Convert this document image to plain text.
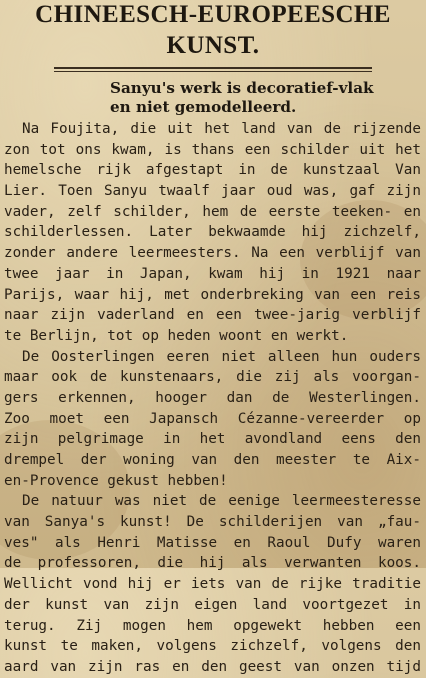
CHINEESCH-EUROPEESCHE
KUNST.
Sanyu's werk is decoratief-vlak
en niet gemodelleerd.
Na Foujita, die uit het land van de rijzende
zon tot ons kwam, is thans een schilder uit het
hemelsche rijk afgestapt in de kunstzaal Van
Lier. Toen Sanyu twaalf jaar oud was, gaf zijn
vader, zelf schilder, hem de eerste teeken- en
schilderlessen. Later bekwaamde hij zichzelf,
zonder andere leermeesters. Na een verblijf van
twee jaar in Japan, kwam hij in 1921 naar
Parijs, waar hij, met onderbreking van een reis
naar zijn vaderland en een twee-jarig verblijf
te Berlijn, tot op heden woont en werkt.
De Oosterlingen eeren niet alleen hun ouders
maar ook de kunstenaars, die zij als voorgan-
gers erkennen, hooger dan de Westerlingen.
Zoo moet een Japansch Cézanne-vereerder op
zijn pelgrimage in het avondland eens den
drempel der woning van den meester te Aix-
en-Provence gekust hebben!
De natuur was niet de eenige leermeesteresse
van Sanya's kunst! De schilderijen van „fau-
ves" als Henri Matisse en Raoul Dufy waren
de professoren, die hij als verwanten koos.
Wellicht vond hij er iets van de rijke traditie
der kunst van zijn eigen land voortgezet in
terug. Zij mogen hem opgewekt hebben een
kunst te maken, volgens zichzelf, volgens den
aard van zijn ras en den geest van onzen tijd
